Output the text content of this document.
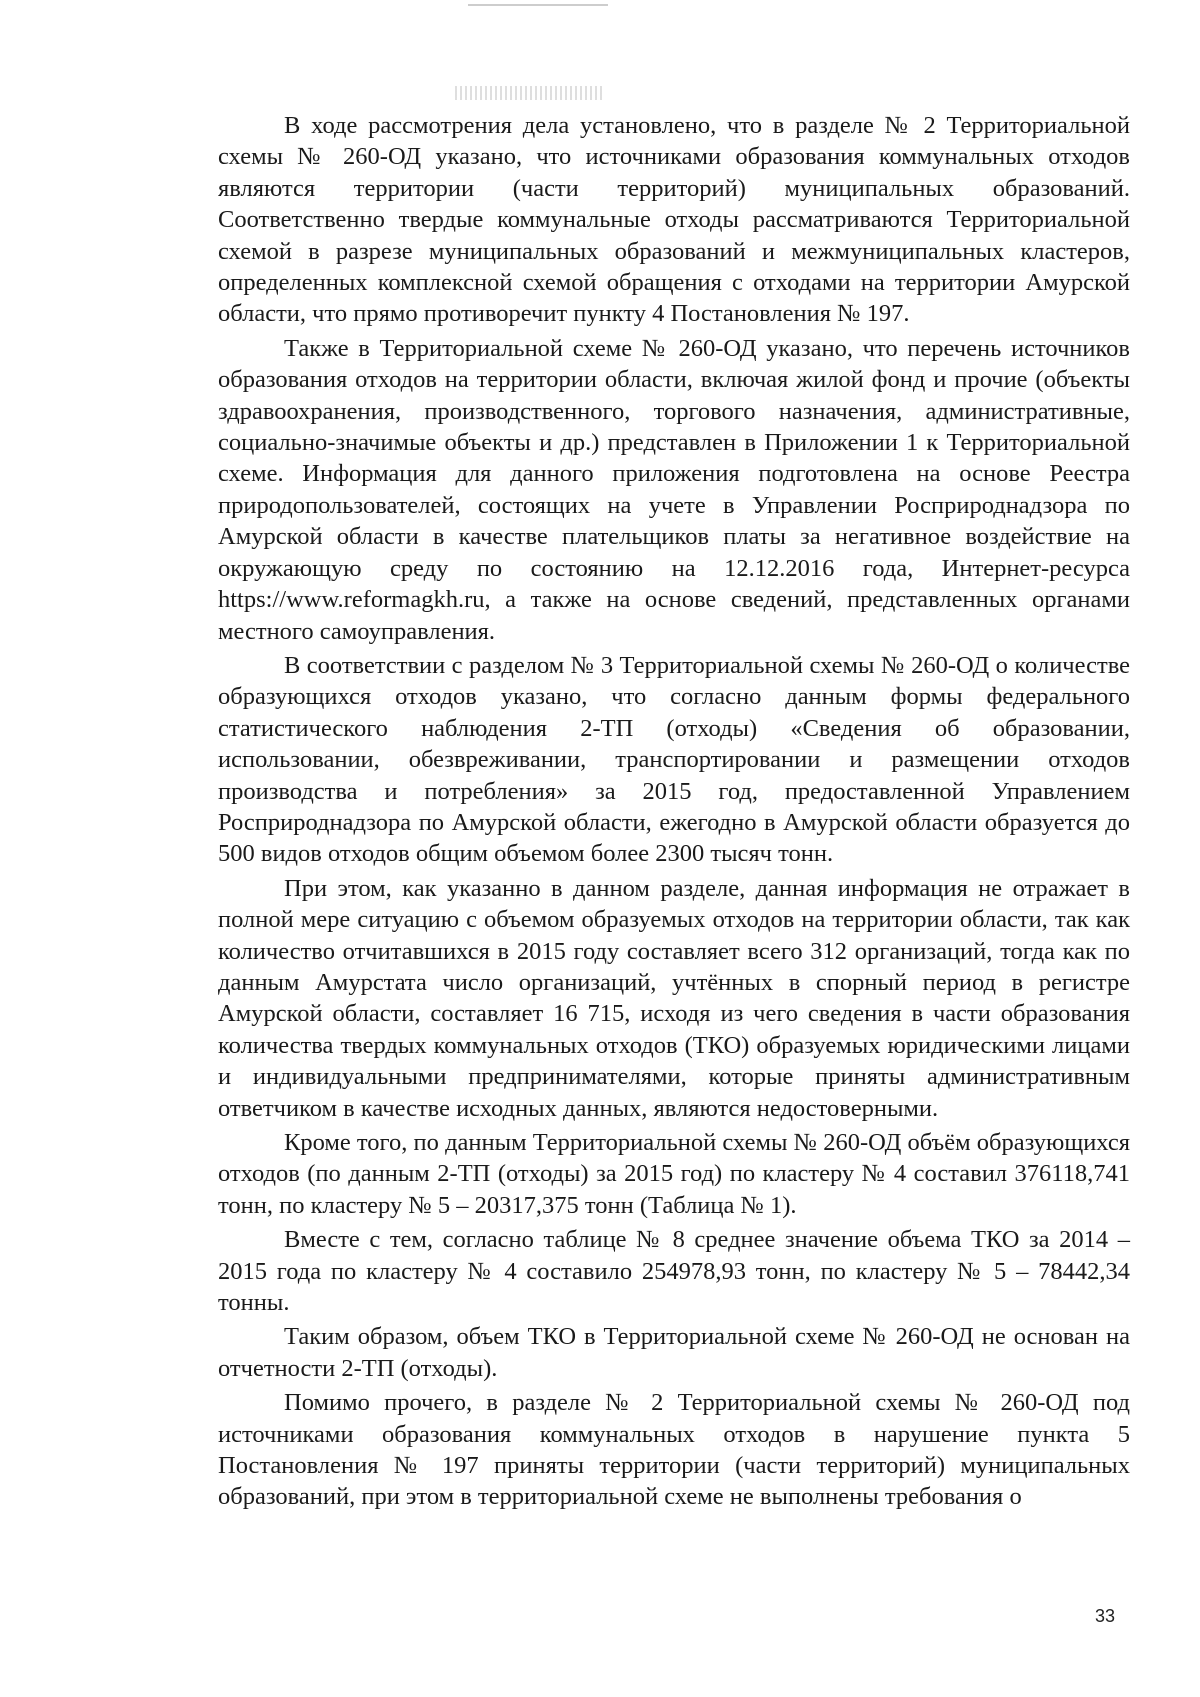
В ходе рассмотрения дела установлено, что в разделе № 2 Территориальной схемы № 260-ОД указано, что источниками образования коммунальных отходов являются территории (части территорий) муниципальных образований. Соответственно твердые коммунальные отходы рассматриваются Территориальной схемой в разрезе муниципальных образований и межмуниципальных кластеров, определенных комплексной схемой обращения с отходами на территории Амурской области, что прямо противоречит пункту 4 Постановления № 197.

Также в Территориальной схеме № 260-ОД указано, что перечень источников образования отходов на территории области, включая жилой фонд и прочие (объекты здравоохранения, производственного, торгового назначения, административные, социально-значимые объекты и др.) представлен в Приложении 1 к Территориальной схеме. Информация для данного приложения подготовлена на основе Реестра природопользователей, состоящих на учете в Управлении Росприроднадзора по Амурской области в качестве плательщиков платы за негативное воздействие на окружающую среду по состоянию на 12.12.2016 года, Интернет-ресурса https://www.reformagkh.ru, а также на основе сведений, представленных органами местного самоуправления.

В соответствии с разделом № 3 Территориальной схемы № 260-ОД о количестве образующихся отходов указано, что согласно данным формы федерального статистического наблюдения 2-ТП (отходы) «Сведения об образовании, использовании, обезвреживании, транспортировании и размещении отходов производства и потребления» за 2015 год, предоставленной Управлением Росприроднадзора по Амурской области, ежегодно в Амурской области образуется до 500 видов отходов общим объемом более 2300 тысяч тонн.

При этом, как указанно в данном разделе, данная информация не отражает в полной мере ситуацию с объемом образуемых отходов на территории области, так как количество отчитавшихся в 2015 году составляет всего 312 организаций, тогда как по данным Амурстата число организаций, учтённых в спорный период в регистре Амурской области, составляет 16 715, исходя из чего сведения в части образования количества твердых коммунальных отходов (ТКО) образуемых юридическими лицами и индивидуальными предпринимателями, которые приняты административным ответчиком в качестве исходных данных, являются недостоверными.

Кроме того, по данным Территориальной схемы № 260-ОД объём образующихся отходов (по данным 2-ТП (отходы) за 2015 год) по кластеру № 4 составил 376118,741 тонн, по кластеру № 5 – 20317,375 тонн (Таблица № 1).

Вместе с тем, согласно таблице № 8 среднее значение объема ТКО за 2014 – 2015 года по кластеру № 4 составило 254978,93 тонн, по кластеру № 5 – 78442,34 тонны.

Таким образом, объем ТКО в Территориальной схеме № 260-ОД не основан на отчетности 2-ТП (отходы).

Помимо прочего, в разделе № 2 Территориальной схемы № 260-ОД под источниками образования коммунальных отходов в нарушение пункта 5 Постановления № 197 приняты территории (части территорий) муниципальных образований, при этом в территориальной схеме не выполнены требования о

33
